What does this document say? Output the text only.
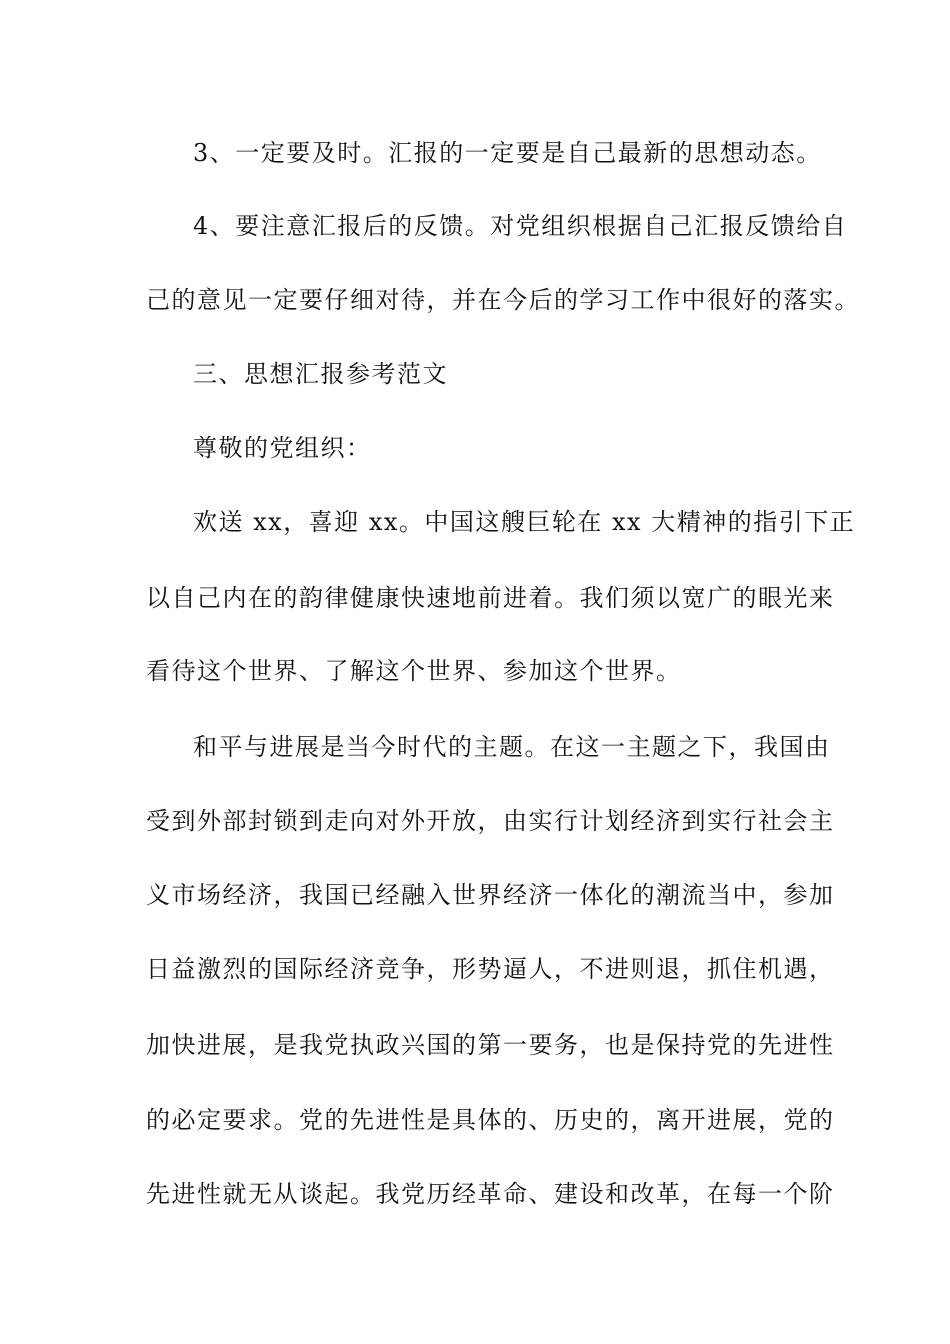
3、一定要及时。汇报的一定要是自己最新的思想动态。

4、要注意汇报后的反馈。对党组织根据自己汇报反馈给自

己的意见一定要仔细对待，并在今后的学习工作中很好的落实。

三、思想汇报参考范文

尊敬的党组织：

欢送 xx，喜迎 xx。中国这艘巨轮在 xx 大精神的指引下正

以自己内在的韵律健康快速地前进着。我们须以宽广的眼光来

看待这个世界、了解这个世界、参加这个世界。

和平与进展是当今时代的主题。在这一主题之下，我国由

受到外部封锁到走向对外开放，由实行计划经济到实行社会主

义市场经济，我国已经融入世界经济一体化的潮流当中，参加

日益激烈的国际经济竞争，形势逼人，不进则退，抓住机遇，

加快进展，是我党执政兴国的第一要务，也是保持党的先进性

的必定要求。党的先进性是具体的、历史的，离开进展，党的

先进性就无从谈起。我党历经革命、建设和改革，在每一个阶
